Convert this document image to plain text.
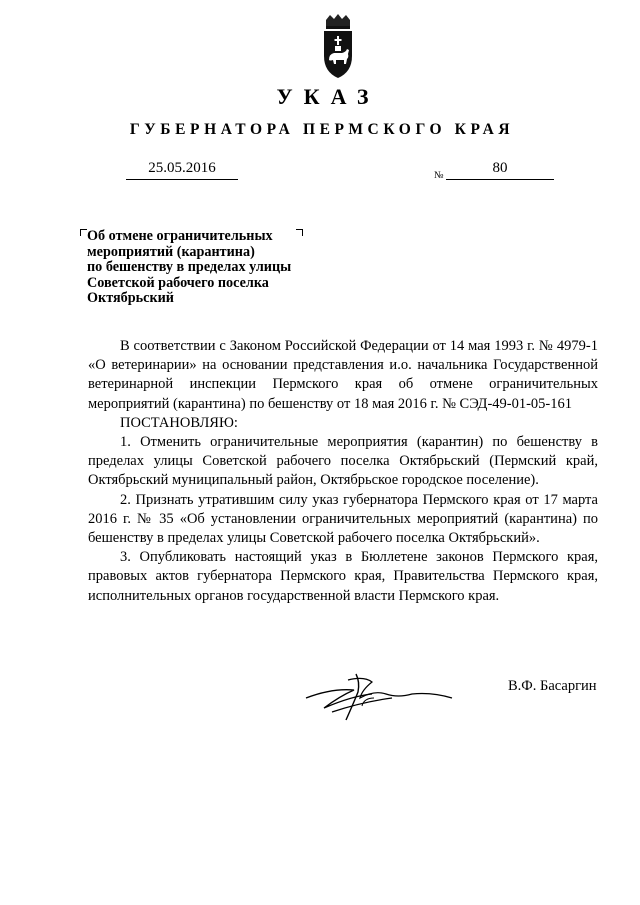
УКАЗ
ГУБЕРНАТОРА ПЕРМСКОГО КРАЯ
25.05.2016	№	80
Об отмене ограничительных
мероприятий (карантина)
по бешенству в пределах улицы
Советской рабочего поселка
Октябрьский

В соответствии с Законом Российской Федерации от 14 мая 1993 г. № 4979-1 «О ветеринарии» на основании представления и.о. начальника Государственной ветеринарной инспекции Пермского края об отмене ограничительных мероприятий (карантина) по бешенству от 18 мая 2016 г. № СЭД-49-01-05-161

ПОСТАНОВЛЯЮ:

1. Отменить ограничительные мероприятия (карантин) по бешенству в пределах улицы Советской рабочего поселка Октябрьский (Пермский край, Октябрьский муниципальный район, Октябрьское городское поселение).

2. Признать утратившим силу указ губернатора Пермского края от 17 марта 2016 г. № 35 «Об установлении ограничительных мероприятий (карантина) по бешенству в пределах улицы Советской рабочего поселка Октябрьский».

3. Опубликовать настоящий указ в Бюллетене законов Пермского края, правовых актов губернатора Пермского края, Правительства Пермского края, исполнительных органов государственной власти Пермского края.

В.Ф. Басаргин
